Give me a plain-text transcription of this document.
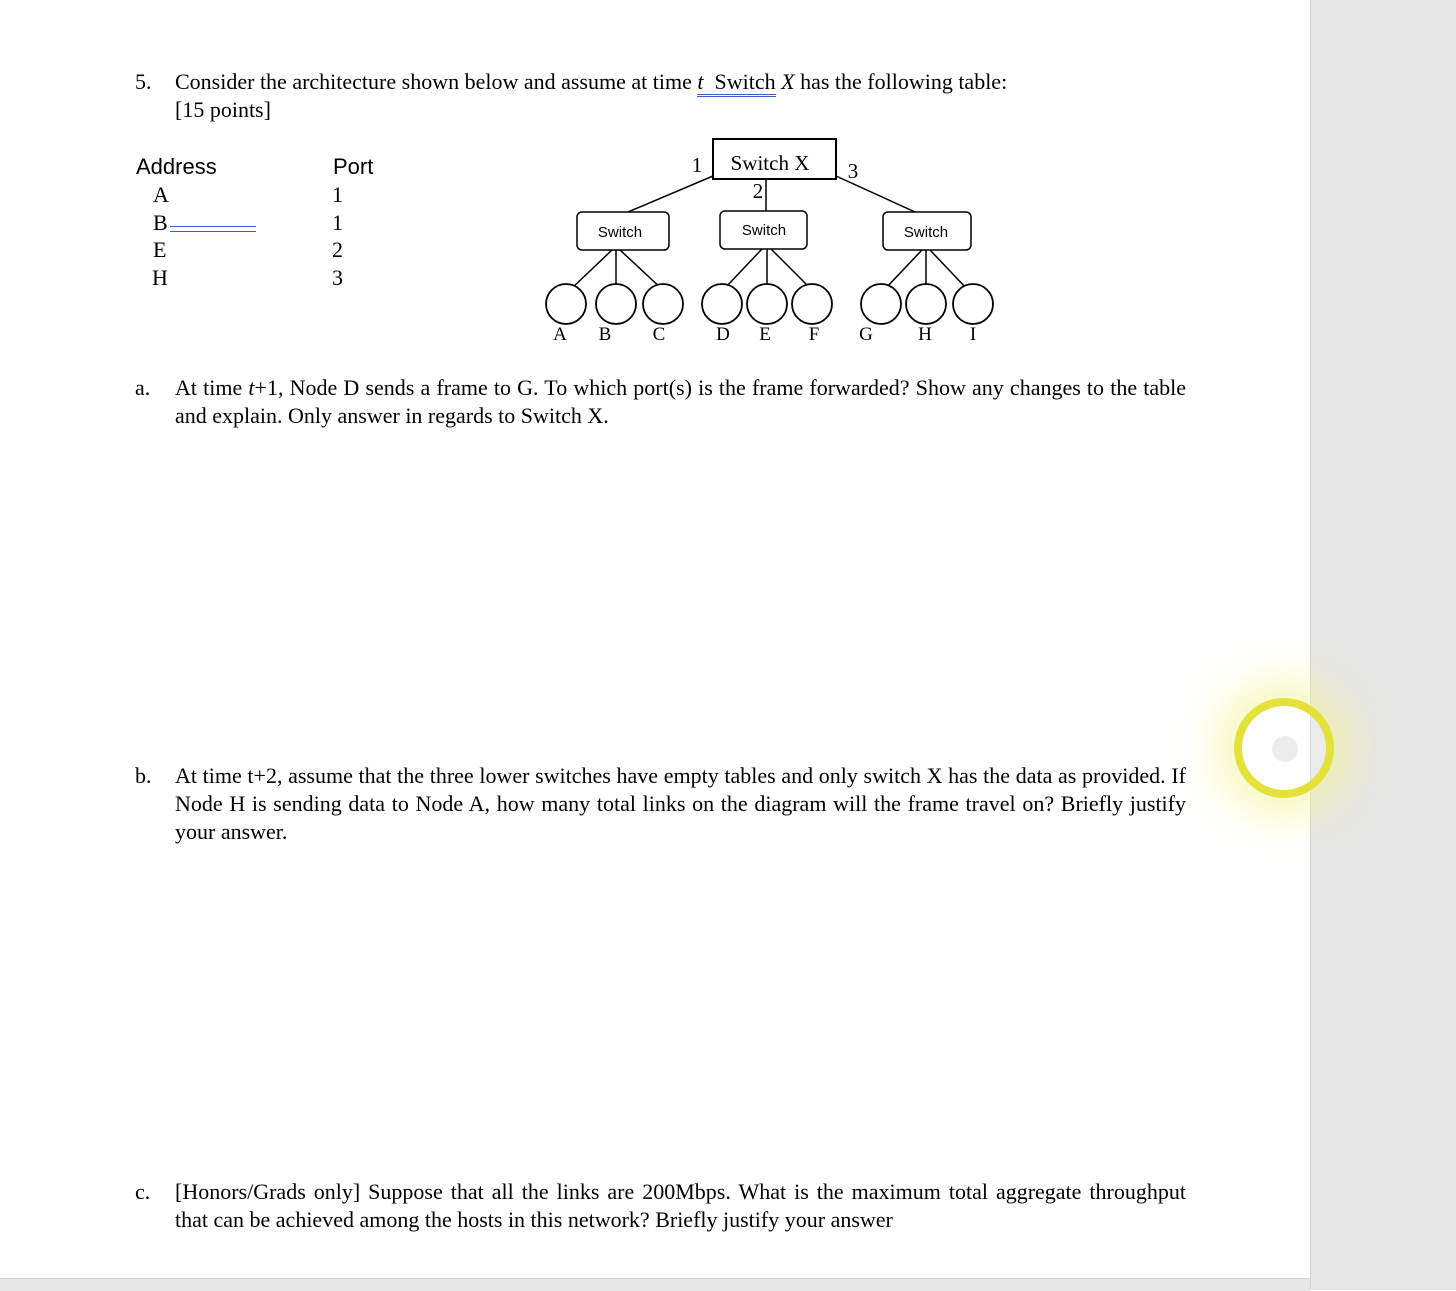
5. Consider the architecture shown below and assume at time t Switch X has the following table:
[15 points]
Address	Port
A	1
B	1
E	2
H	3
Switch X
1
2
3
Switch	Switch	Switch
A B C	D E F G H I
a. At time t+1, Node D sends a frame to G. To which port(s) is the frame forwarded? Show any changes to the table and explain. Only answer in regards to Switch X.
b. At time t+2, assume that the three lower switches have empty tables and only switch X has the data as provided. If Node H is sending data to Node A, how many total links on the diagram will the frame travel on? Briefly justify your answer.
c. [Honors/Grads only] Suppose that all the links are 200Mbps. What is the maximum total aggregate throughput that can be achieved among the hosts in this network? Briefly justify your answer
